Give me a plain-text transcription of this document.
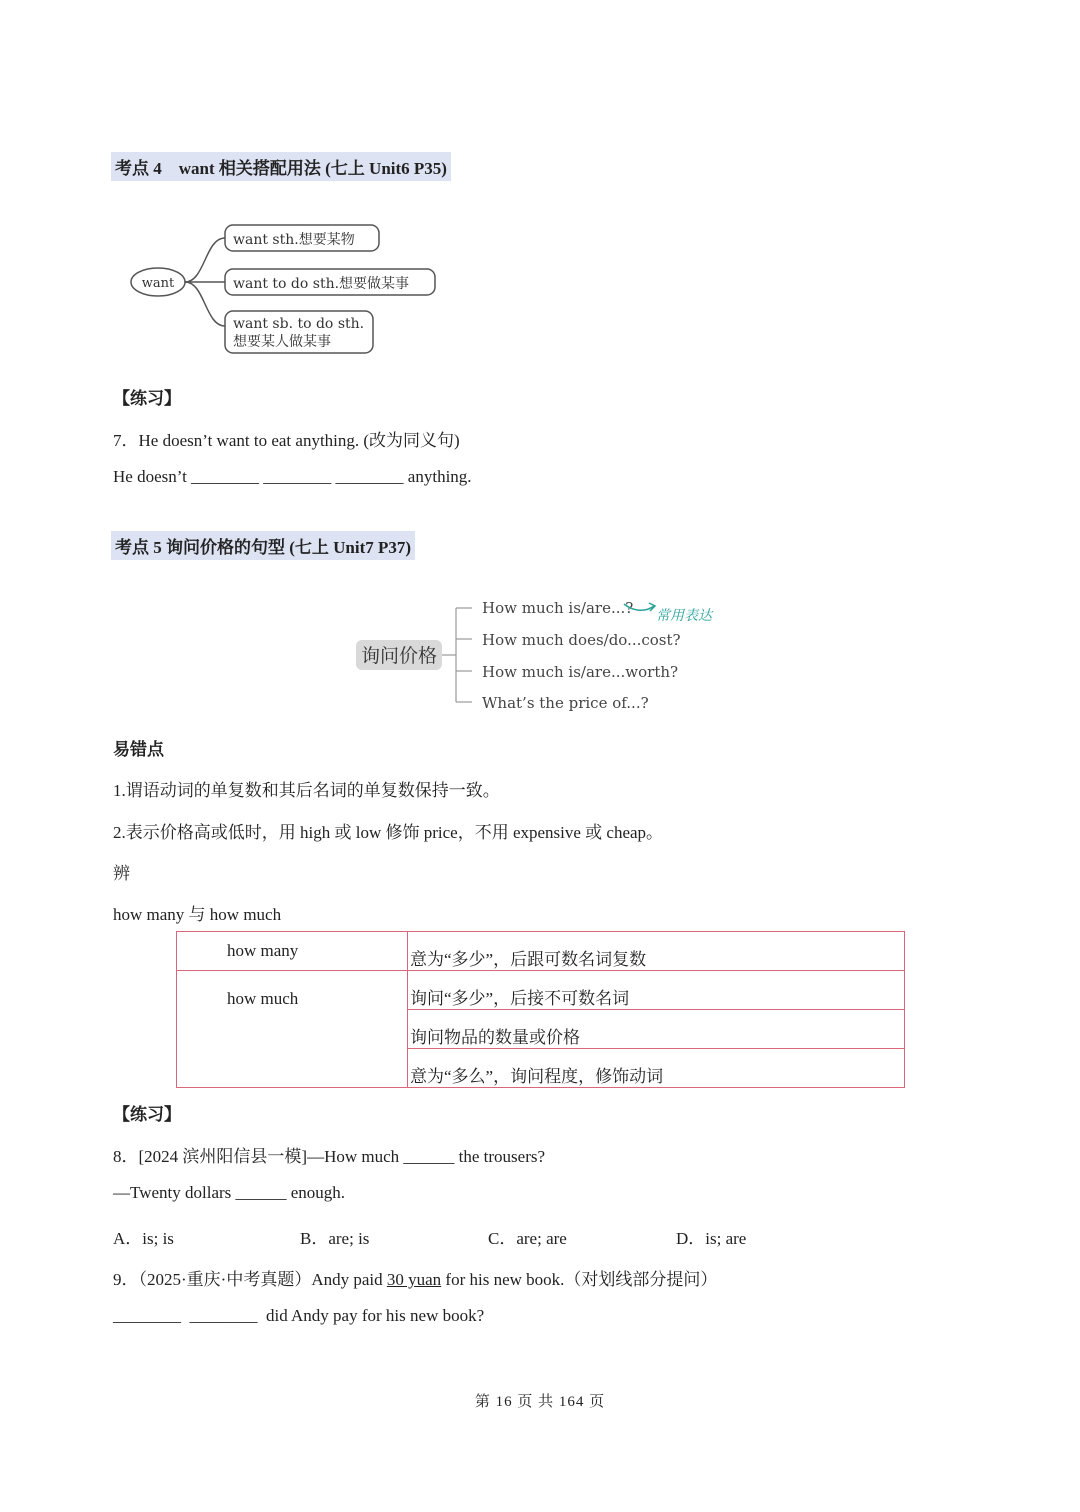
考点 4　want 相关搭配用法 (七上 Unit6 P35)
want
want sth.想要某物
want to do sth.想要做某事
want sb. to do sth.
想要某人做某事
【练习】
7．He doesn’t want to eat anything. (改为同义句)
He doesn’t ________ ________ ________ anything.
考点 5 询问价格的句型 (七上 Unit7 P37)
询问价格
How much is/are...? 常用表达
How much does/do...cost?
How much is/are...worth?
What’s the price of...?
易错点
1.谓语动词的单复数和其后名词的单复数保持一致。
2.表示价格高或低时，用 high 或 low 修饰 price，不用 expensive 或 cheap。
辨
how many 与 how much
how many	意为“多少”，后跟可数名词复数
how much	询问“多少”，后接不可数名词
	询问物品的数量或价格
	意为“多么”，询问程度，修饰动词
【练习】
8．[2024 滨州阳信县一模]—How much ______ the trousers?
—Twenty dollars ______ enough.
A．is; is	B．are; is	C．are; are	D．is; are
9．（2025·重庆·中考真题）Andy paid 30 yuan for his new book.（对划线部分提问）
________  ________  did Andy pay for his new book?
第 16 页 共 164 页
